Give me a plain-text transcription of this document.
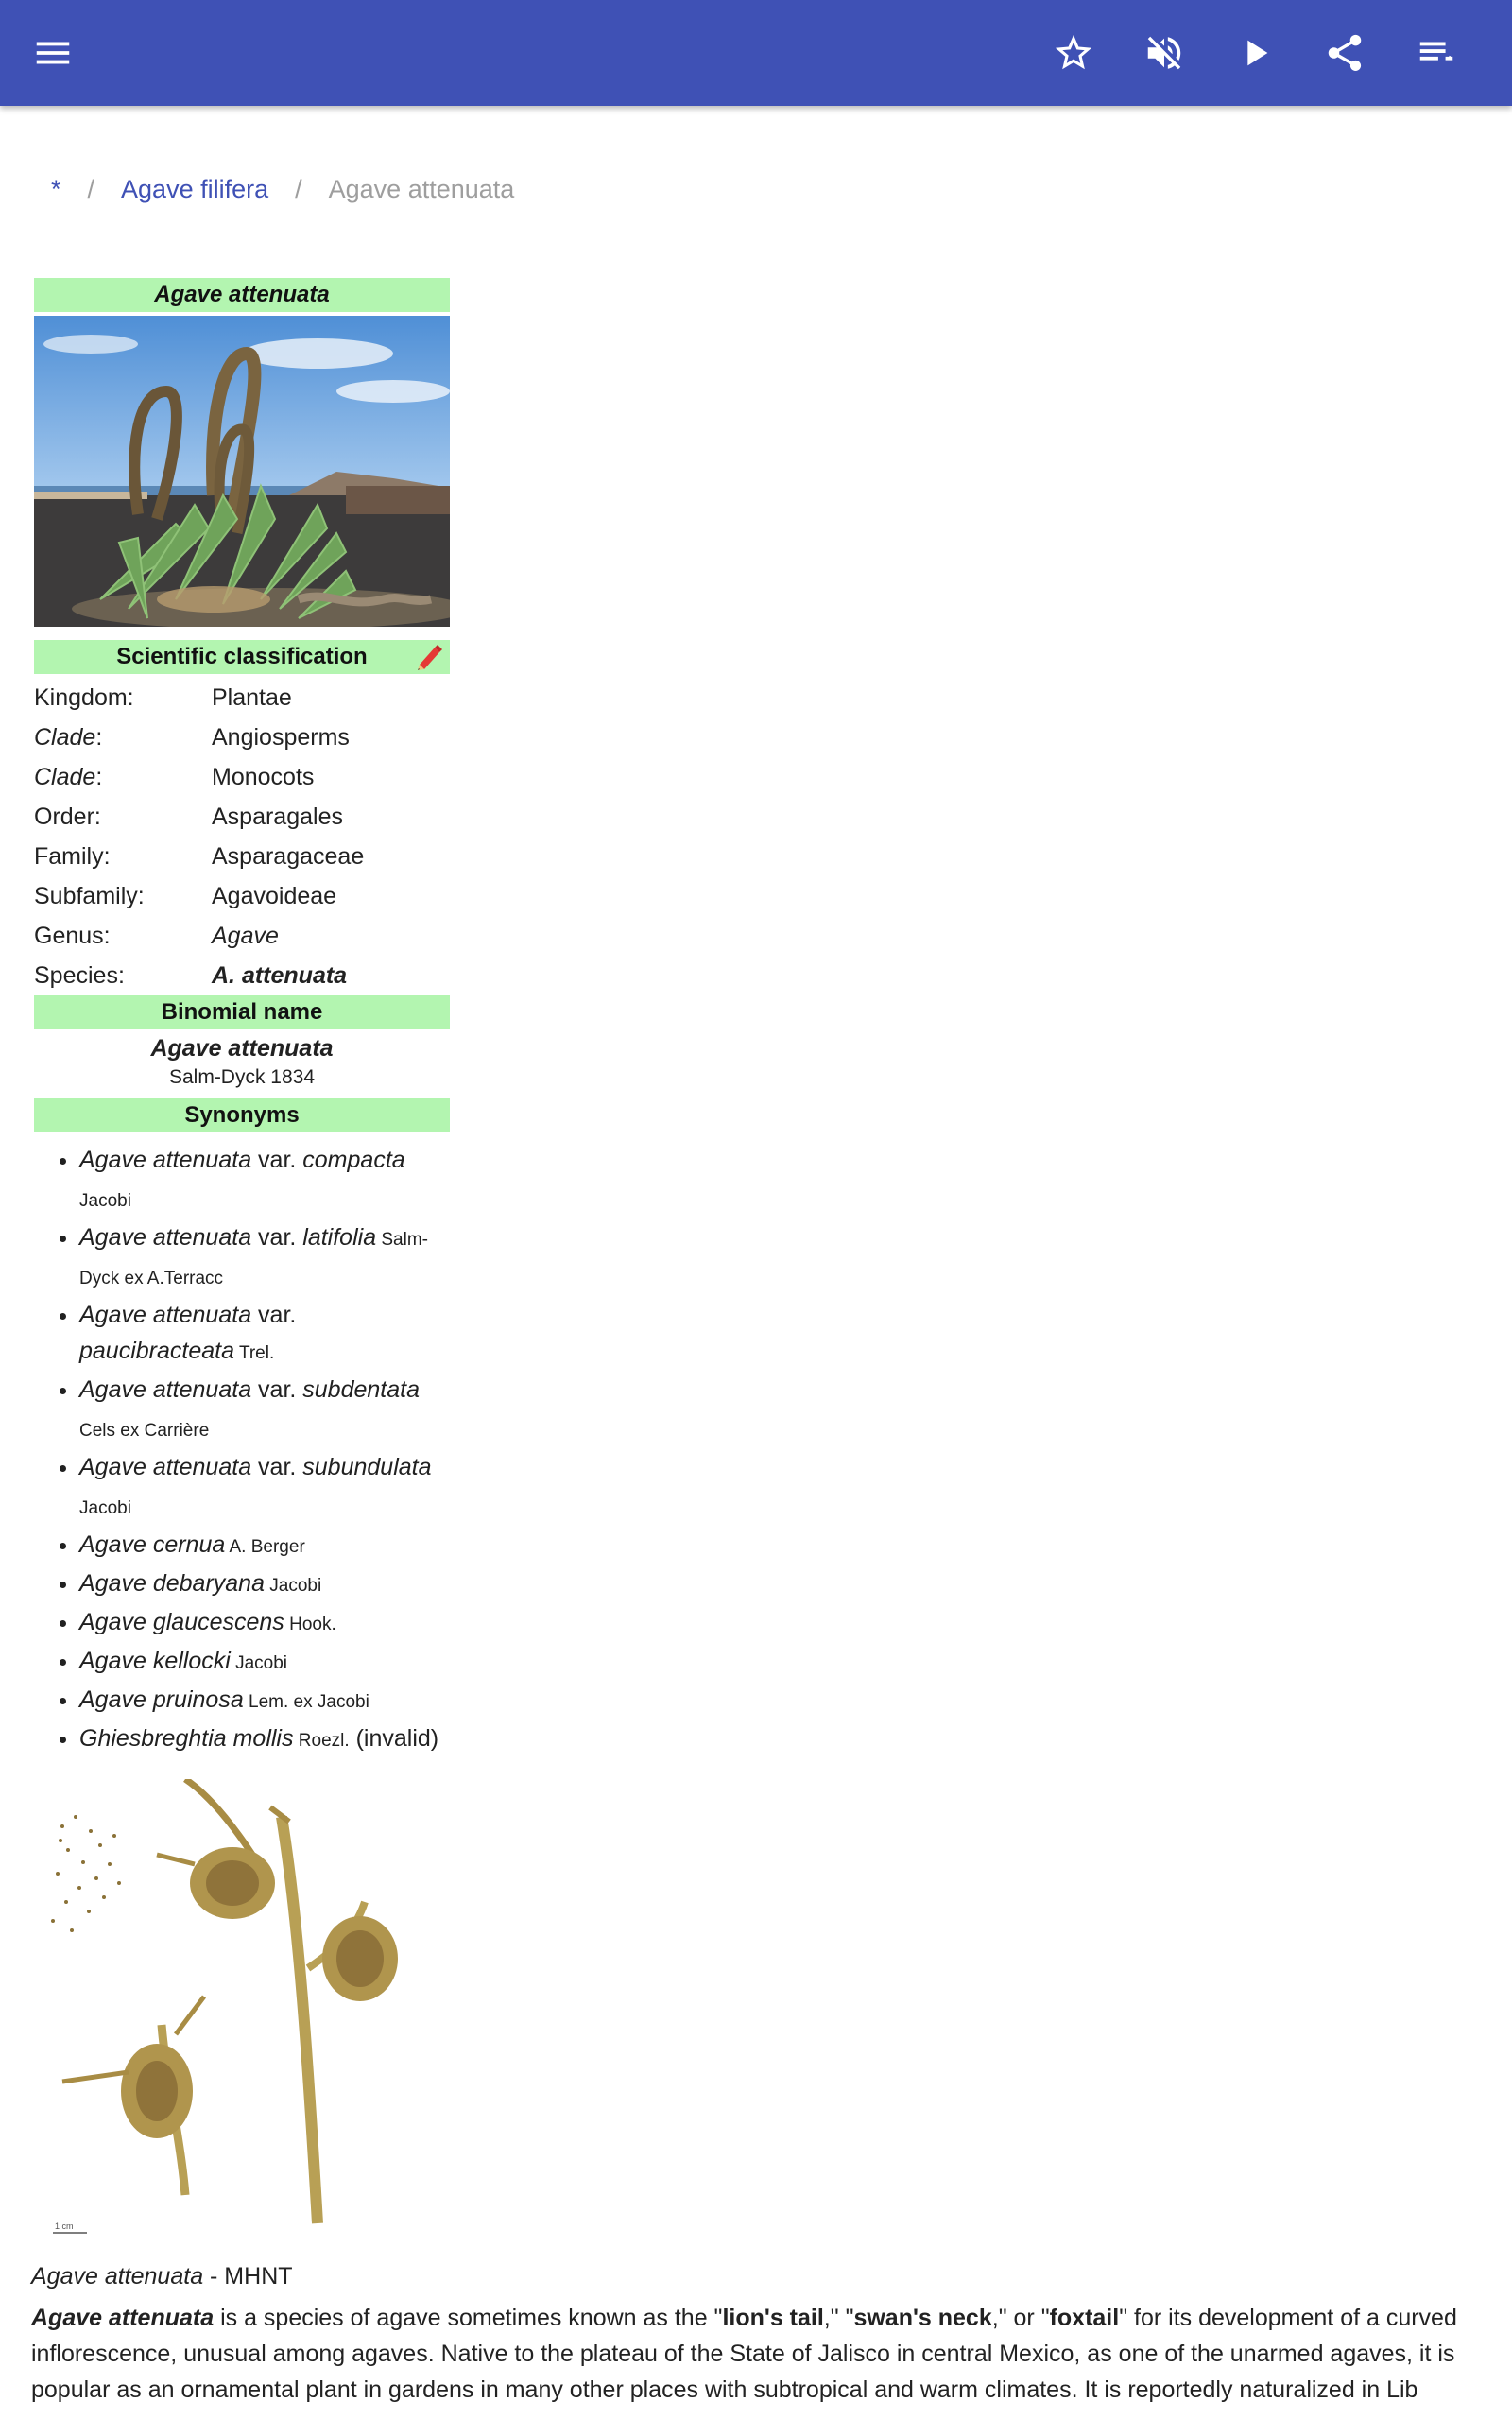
* / Agave filifera / Agave attenuata
Agave attenuata
Scientific classification
Kingdom:	Plantae
Clade:	Angiosperms
Clade:	Monocots
Order:	Asparagales
Family:	Asparagaceae
Subfamily:	Agavoideae
Genus:	Agave
Species:	A. attenuata
Binomial name
Agave attenuata
Salm-Dyck 1834
Synonyms
• Agave attenuata var. compacta Jacobi
• Agave attenuata var. latifolia Salm-Dyck ex A.Terracc
• Agave attenuata var. paucibracteata Trel.
• Agave attenuata var. subdentata Cels ex Carrière
• Agave attenuata var. subundulata Jacobi
• Agave cernua A. Berger
• Agave debaryana Jacobi
• Agave glaucescens Hook.
• Agave kellocki Jacobi
• Agave pruinosa Lem. ex Jacobi
• Ghiesbreghtia mollis Roezl. (invalid)
1 cm
Agave attenuata - MHNT

Agave attenuata is a species of agave sometimes known as the "lion's tail," "swan's neck," or "foxtail" for its development of a curved inflorescence, unusual among agaves. Native to the plateau of the State of Jalisco in central Mexico, as one of the unarmed agaves, it is popular as an ornamental plant in gardens in many other places with subtropical and warm climates. It is reportedly naturalized in Lib
